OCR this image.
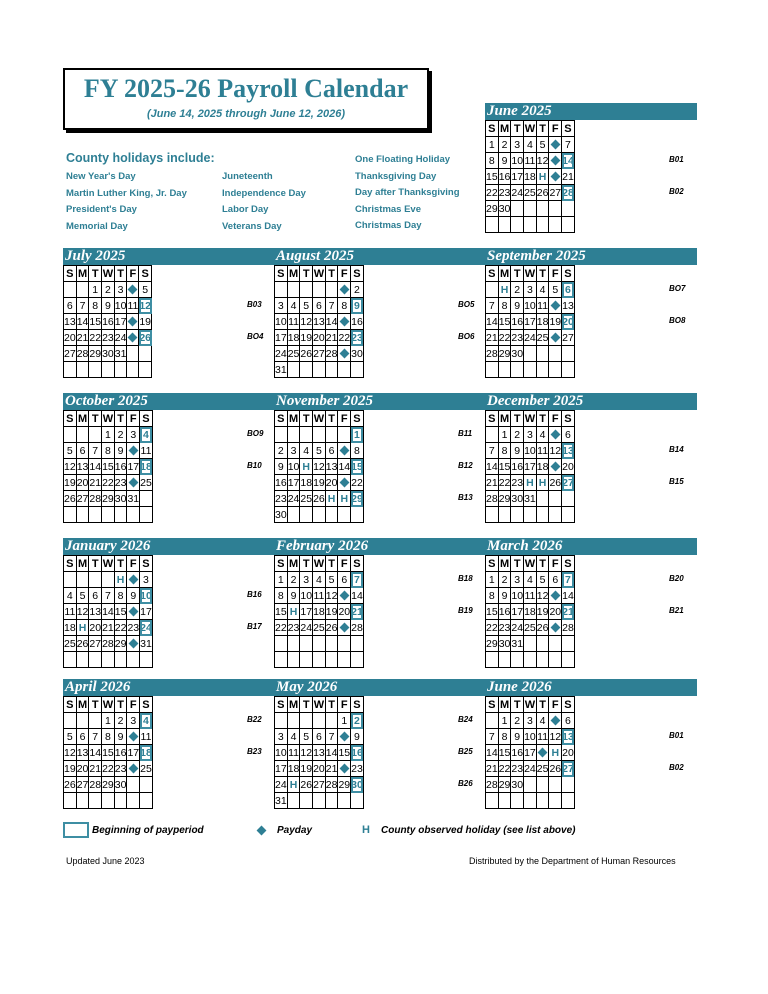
FY 2025-26 Payroll Calendar
(June 14, 2025 through June 12, 2026)
County holidays include:
New Year's Day
Martin Luther King, Jr. Day
President's Day
Memorial Day
Juneteenth
Independence Day
Labor Day
Veterans Day
One Floating Holiday
Thanksgiving Day
Day after Thanksgiving
Christmas Eve
Christmas Day
June 2025
S	M	T	W	T	F	S
1	2	3	4	5		7
8	9	10	11	12		14
15	16	17	18	H		21
22	23	24	25	26	27	28
29	30					

B01
B02
July 2025
S	M	T	W	T	F	S
		1	2	3		5
6	7	8	9	10	11	12
13	14	15	16	17		19
20	21	22	23	24		26
27	28	29	30	31		

B03
BO4
August 2025
S	M	T	W	T	F	S
						2
3	4	5	6	7	8	9
10	11	12	13	14		16
17	18	19	20	21	22	23
24	25	26	27	28		30
31						
BO5
BO6
September 2025
S	M	T	W	T	F	S
	H	2	3	4	5	6
7	8	9	10	11		13
14	15	16	17	18	19	20
21	22	23	24	25		27
28	29	30				

BO7
BO8
October 2025
S	M	T	W	T	F	S
			1	2	3	4
5	6	7	8	9		11
12	13	14	15	16	17	18
19	20	21	22	23		25
26	27	28	29	30	31	

BO9
B10
November 2025
S	M	T	W	T	F	S
						1
2	3	4	5	6		8
9	10	H	12	13	14	15
16	17	18	19	20		22
23	24	25	26	H	H	29
30						
B11
B12
B13
December 2025
S	M	T	W	T	F	S
	1	2	3	4		6
7	8	9	10	11	12	13
14	15	16	17	18		20
21	22	23	H	H	26	27
28	29	30	31			

B14
B15
January 2026
S	M	T	W	T	F	S
				H		3
4	5	6	7	8	9	10
11	12	13	14	15		17
18	H	20	21	22	23	24
25	26	27	28	29		31

B16
B17
February 2026
S	M	T	W	T	F	S
1	2	3	4	5	6	7
8	9	10	11	12		14
15	H	17	18	19	20	21
22	23	24	25	26		28

B18
B19
March 2026
S	M	T	W	T	F	S
1	2	3	4	5	6	7
8	9	10	11	12		14
15	16	17	18	19	20	21
22	23	24	25	26		28
29	30	31				

B20
B21
April 2026
S	M	T	W	T	F	S
			1	2	3	4
5	6	7	8	9		11
12	13	14	15	16	17	18
19	20	21	22	23		25
26	27	28	29	30		

B22
B23
May 2026
S	M	T	W	T	F	S
					1	2
3	4	5	6	7		9
10	11	12	13	14	15	16
17	18	19	20	21		23
24	H	26	27	28	29	30
31						
B24
B25
B26
June 2026
S	M	T	W	T	F	S
	1	2	3	4		6
7	8	9	10	11	12	13
14	15	16	17		H	20
21	22	23	24	25	26	27
28	29	30				

B01
B02
Beginning of payperiod	Payday	H County observed holiday (see list above)
Updated June 2023	Distributed by the Department of Human Resources
